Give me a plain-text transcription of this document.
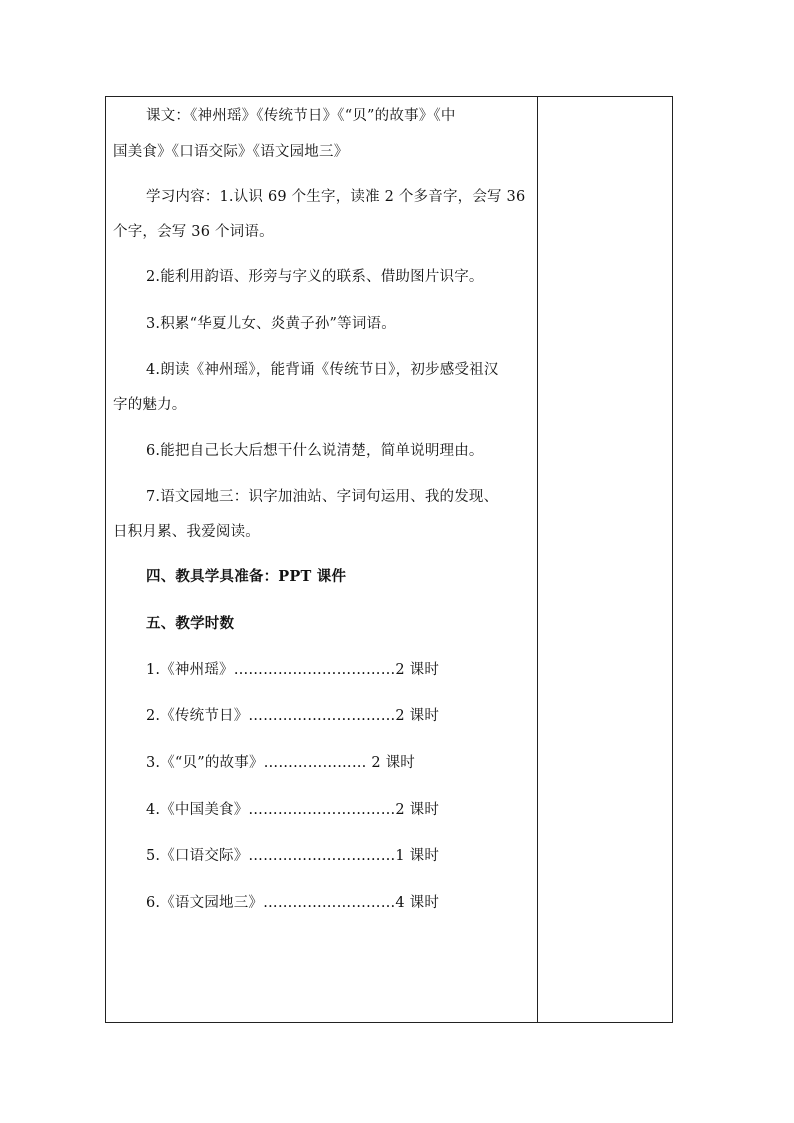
课文：《神州瑶》《传统节日》《“贝”的故事》《中
国美食》《口语交际》《语文园地三》
学习内容：1.认识 69 个生字，读准 2 个多音字，会写 36
个字，会写 36 个词语。
2.能利用韵语、形旁与字义的联系、借助图片识字。
3.积累“华夏儿女、炎黄子孙”等词语。
4.朗读《神州瑶》，能背诵《传统节日》，初步感受祖汉
字的魅力。
6.能把自己长大后想干什么说清楚，简单说明理由。
7.语文园地三：识字加油站、字词句运用、我的发现、
日积月累、我爱阅读。
四、教具学具准备：PPT 课件
五、教学时数
1.《神州瑶》……………………………2 课时
2.《传统节日》…………………………2 课时
3.《“贝”的故事》………………… 2 课时
4.《中国美食》…………………………2 课时
5.《口语交际》…………………………1 课时
6.《语文园地三》………………………4 课时
